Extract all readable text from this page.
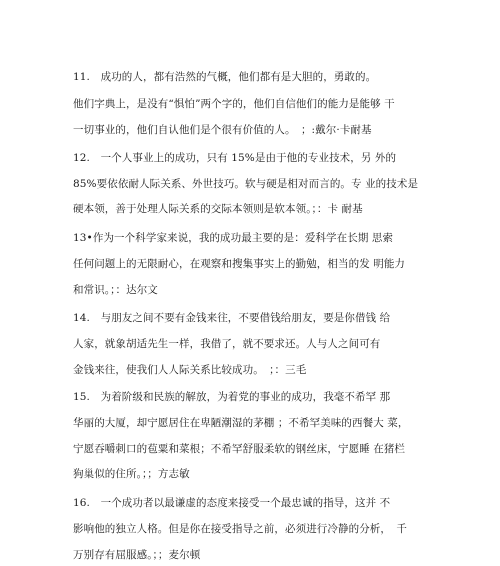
11.　成功的人，都有浩然的气概，他们都有是大胆的，勇敢的。
他们字典上，是没有“惧怕”两个字的，他们自信他们的能力是能够 干
一切事业的，他们自认他们是个很有价值的人。　；:戴尔·卡耐基
12.　一个人事业上的成功，只有 15%是由于他的专业技术，另 外的
85%要依依耐人际关系、外世技巧。软与硬是相对而言的。专 业的技术是
硬本领，善于处理人际关系的交际本领则是软本领。；：卡 耐基
13•作为一个科学家来说，我的成功最主要的是：爱科学在长期 思索
任何问题上的无限耐心，在观察和搜集事实上的勤勉，相当的发 明能力
和常识。；：达尔文
14.　与朋友之间不要有金钱来往，不要借钱给朋友，要是你借钱 给
人家，就象胡适先生一样，我借了，就不要求还。人与人之间可有
金钱来往，使我们人人际关系比较成功。　；：三毛
15.　为着阶级和民族的解放，为着党的事业的成功，我毫不希罕 那
华丽的大厦，却宁愿居住在卑陋潮湿的茅棚 ；不希罕美味的西餐大 菜，
宁愿吞嚼刺口的苞粟和菜根；不希罕舒服柔软的钢丝床，宁愿睡 在猪栏
狗巢似的住所。；；方志敏
16.　一个成功者以最谦虚的态度来接受一个最忠诚的指导，这并 不
影响他的独立人格。但是你在接受指导之前，必须进行冷静的分析，　千
万别存有屈服感。；；麦尔顿
